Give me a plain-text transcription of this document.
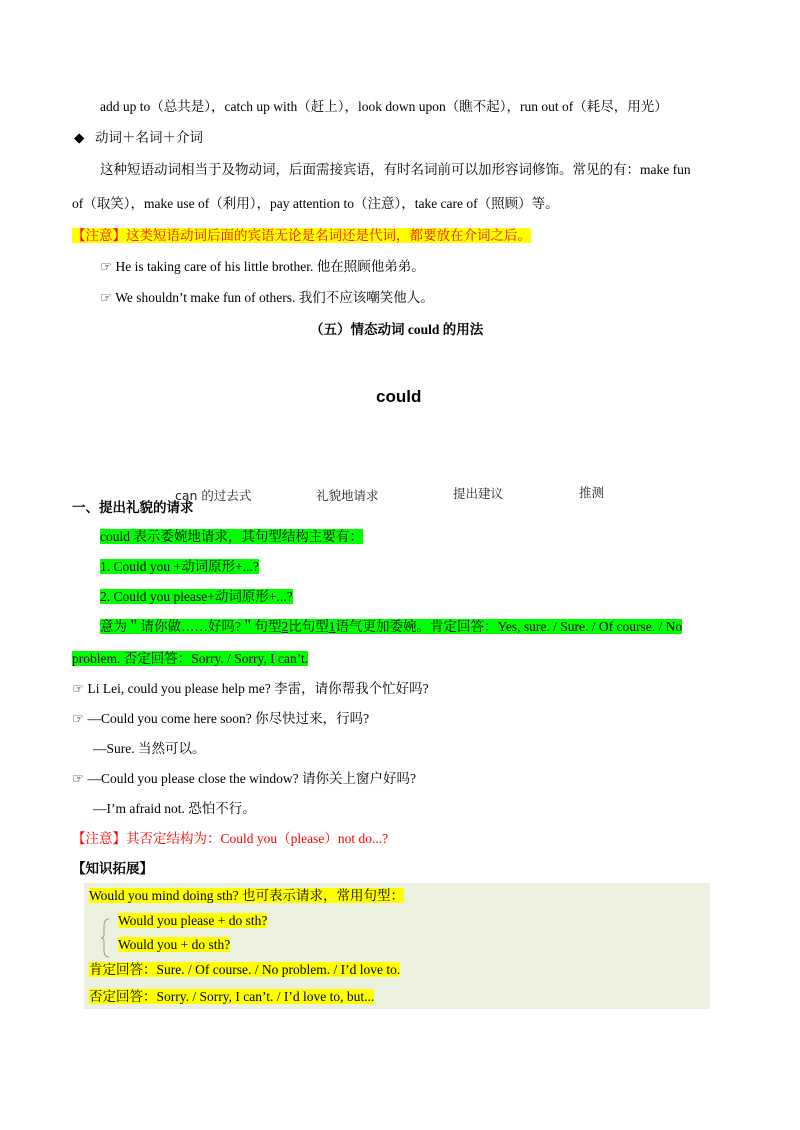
add up to（总共是），catch up with（赶上），look down upon（瞧不起），run out of（耗尽，用光）
◆ 动词＋名词＋介词
这种短语动词相当于及物动词，后面需接宾语，有时名词前可以加形容词修饰。常见的有：make fun
of（取笑），make use of（利用），pay attention to（注意），take care of（照顾）等。
【注意】这类短语动词后面的宾语无论是名词还是代词，都要放在介词之后。
☞ He is taking care of his little brother. 他在照顾他弟弟。
☞ We shouldn’t make fun of others. 我们不应该嘲笑他人。
（五）情态动词 could 的用法
could
can 的过去式	礼貌地请求	提出建议	推测
一、提出礼貌的请求
could 表示委婉地请求，其句型结构主要有：
1. Could you +动词原形+...?
2. Could you please+动词原形+...?
意为＂请你做……好吗?＂句型2比句型1语气更加委婉。肯定回答：Yes, sure. / Sure. / Of course. / No
problem. 否定回答：Sorry. / Sorry, I can’t.
☞ Li Lei, could you please help me? 李雷，请你帮我个忙好吗?
☞ —Could you come here soon? 你尽快过来，行吗?
—Sure. 当然可以。
☞ —Could you please close the window? 请你关上窗户好吗?
—I’m afraid not. 恐怕不行。
【注意】其否定结构为：Could you（please）not do...?
【知识拓展】
Would you mind doing sth? 也可表示请求，常用句型：
Would you please + do sth?
Would you + do sth?
肯定回答：Sure. / Of course. / No problem. / I’d love to.
否定回答：Sorry. / Sorry, I can’t. / I’d love to, but...
